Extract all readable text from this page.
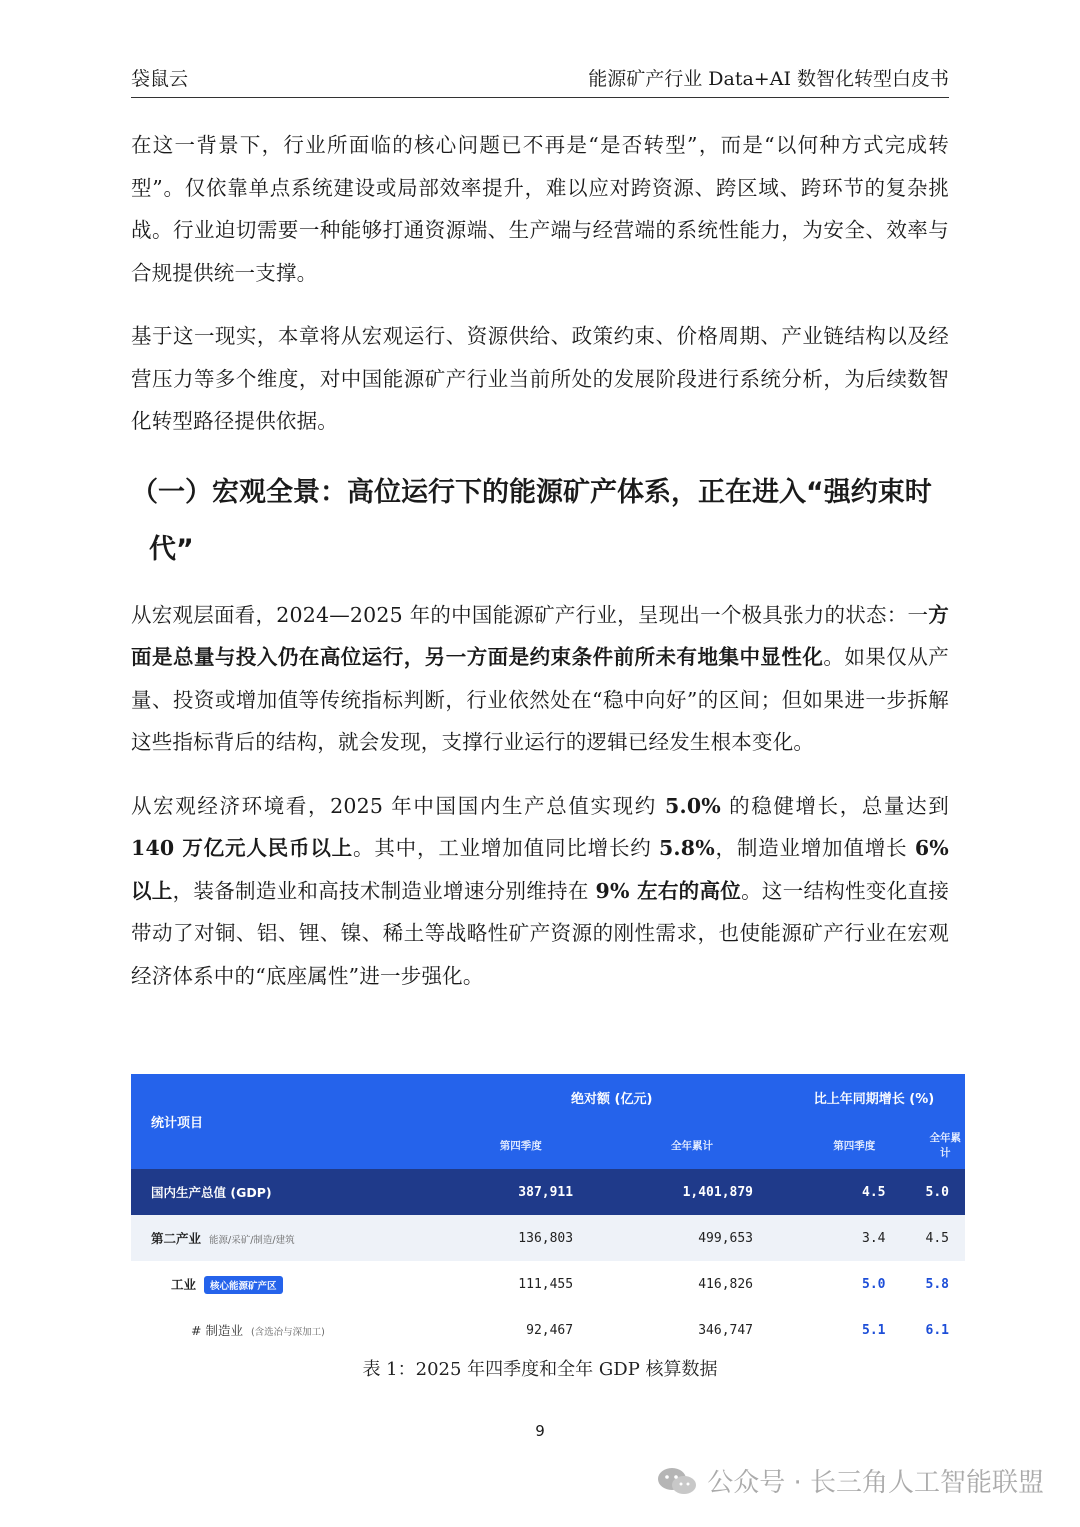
袋鼠云	能源矿产行业 Data+AI 数智化转型白皮书

在这一背景下，行业所面临的核心问题已不再是“是否转型”，而是“以何种方式完成转型”。仅依靠单点系统建设或局部效率提升，难以应对跨资源、跨区域、跨环节的复杂挑战。行业迫切需要一种能够打通资源端、生产端与经营端的系统性能力，为安全、效率与合规提供统一支撑。

基于这一现实，本章将从宏观运行、资源供给、政策约束、价格周期、产业链结构以及经营压力等多个维度，对中国能源矿产行业当前所处的发展阶段进行系统分析，为后续数智化转型路径提供依据。

（一）宏观全景：高位运行下的能源矿产体系，正在进入“强约束时代”

从宏观层面看，2024—2025 年的中国能源矿产行业，呈现出一个极具张力的状态：一方面是总量与投入仍在高位运行，另一方面是约束条件前所未有地集中显性化。如果仅从产量、投资或增加值等传统指标判断，行业依然处在“稳中向好”的区间；但如果进一步拆解这些指标背后的结构，就会发现，支撑行业运行的逻辑已经发生根本变化。

从宏观经济环境看，2025 年中国国内生产总值实现约 5.0% 的稳健增长，总量达到 140 万亿元人民币以上。其中，工业增加值同比增长约 5.8%，制造业增加值增长 6% 以上，装备制造业和高技术制造业增速分别维持在 9% 左右的高位。这一结构性变化直接带动了对铜、铝、锂、镍、稀土等战略性矿产资源的刚性需求，也使能源矿产行业在宏观经济体系中的“底座属性”进一步强化。

统计项目	绝对额 (亿元)		比上年同期增长 (%)	
	第四季度	全年累计	第四季度	全年累计
国内生产总值 (GDP)	387,911	1,401,879	4.5	5.0
第二产业 能源/采矿/制造/建筑	136,803	499,653	3.4	4.5
工业 核心能源矿产区	111,455	416,826	5.0	5.8
# 制造业 (含选冶与深加工)	92,467	346,747	5.1	6.1
表 1：2025 年四季度和全年 GDP 核算数据
9
公众号 · 长三角人工智能联盟
